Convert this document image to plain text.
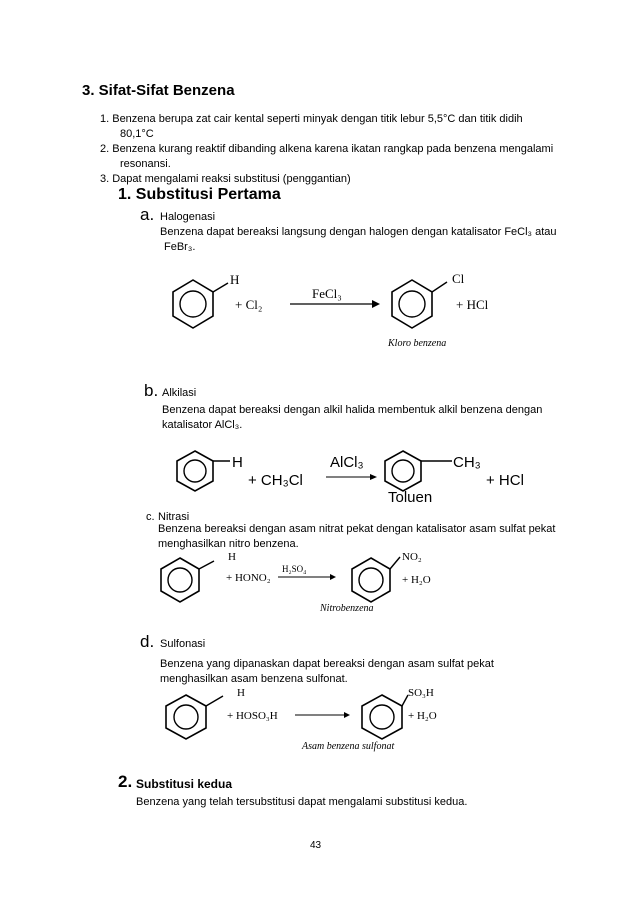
3. Sifat-Sifat Benzena
1. Benzena berupa zat cair kental seperti minyak dengan titik lebur 5,5°C dan titik didih
80,1°C
2. Benzena kurang reaktif dibanding alkena karena ikatan rangkap pada benzena mengalami
resonansi.
3. Dapat mengalami reaksi substitusi (penggantian)
1. Substitusi Pertama
a. Halogenasi
Benzena dapat bereaksi langsung dengan halogen dengan katalisator FeCl₃ atau
FeBr₃.
H
+ Cl₂
FeCl₃
Cl
+ HCl
Kloro benzena
b. Alkilasi
Benzena dapat bereaksi dengan alkil halida membentuk alkil benzena dengan
katalisator AlCl₃.
H
+ CH₃Cl
AlCl₃	CH₃
+ HCl
Toluen
c. Nitrasi
Benzena bereaksi dengan asam nitrat pekat dengan katalisator asam sulfat pekat
menghasilkan nitro benzena.
H
+ HONO₂
H₂SO₄
NO₂
+ H₂O
Nitrobenzena
d. Sulfonasi
Benzena yang dipanaskan dapat bereaksi dengan asam sulfat pekat
menghasilkan asam benzena sulfonat.
H
+ HOSO₃H
SO₃H
+ H₂O
Asam benzena sulfonat
2. Substitusi kedua
Benzena yang telah tersubstitusi dapat mengalami substitusi kedua.
43
